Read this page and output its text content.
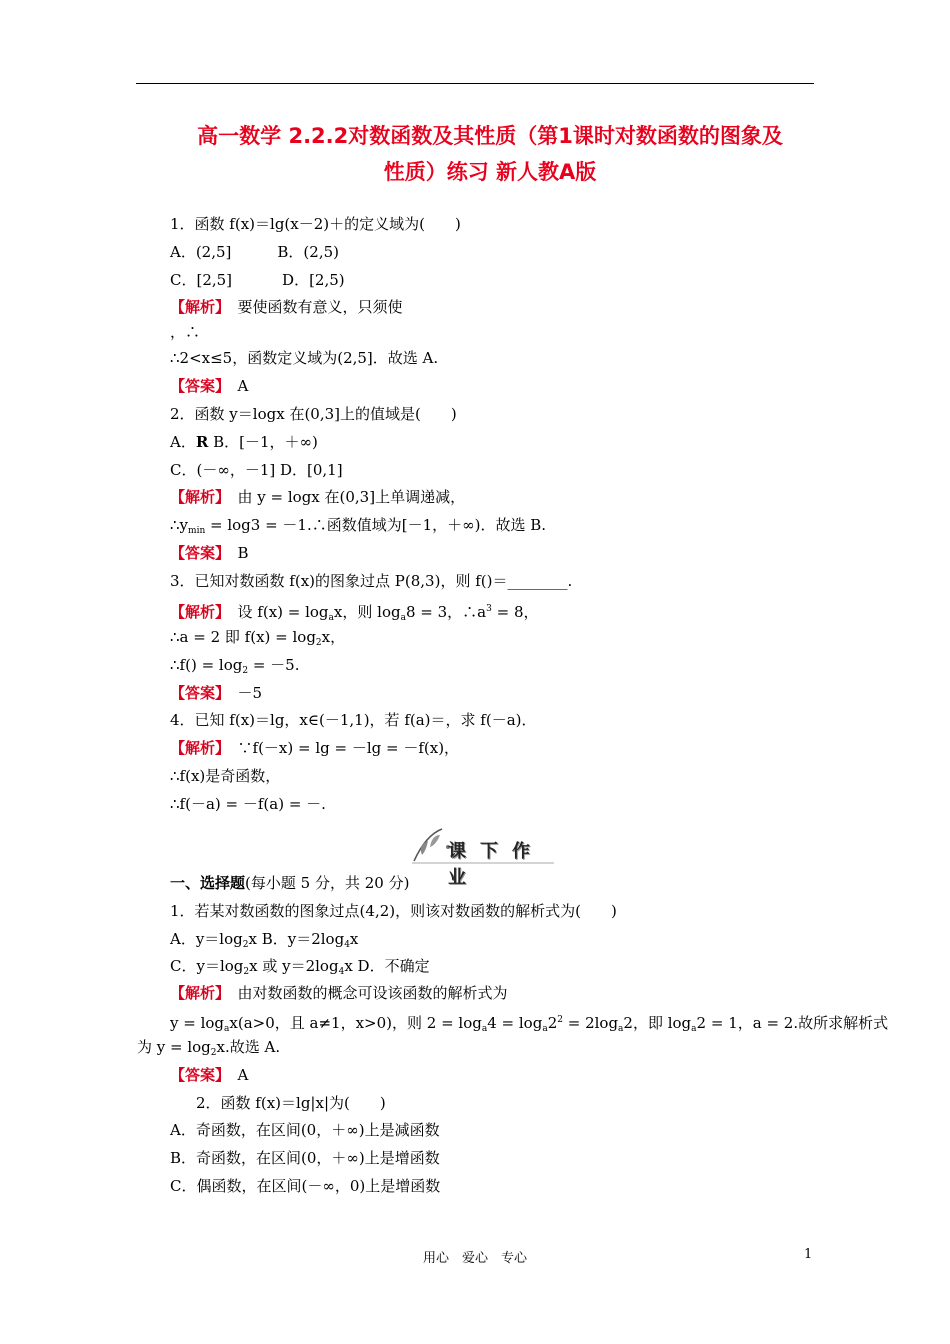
高一数学 2.2.2对数函数及其性质（第1课时对数函数的图象及
性质）练习 新人教A版
1．函数 f(x)＝lg(x－2)＋的定义域为(　　)
A．(2,5]	B．(2,5)
C．[2,5]	D．[2,5)
【解析】　要使函数有意义，只须使
，∴
∴2<x≤5，函数定义域为(2,5]．故选 A.
【答案】　A
2．函数 y＝logx 在(0,3]上的值域是(　　)
A．R B．[－1，＋∞)
C．(－∞，－1] D．[0,1]
【解析】　由 y = logx 在(0,3]上单调递减，
$\therefore y_{min} = \log 3$ = －1.∴函数值域为[－1，＋∞)．故选 B.
【答案】　B
3．已知对数函数 f(x)的图象过点 P(8,3)，则 f()＝________.
【解析】　设 $f(x) = \log_ax$，则 $\log_a8 = 3$，$\therefore a^3 = 8$，
∴a = 2 即 $f(x) = \log_2x$，
∴f() = $\log_2 = -5$.
【答案】　－5
4．已知 f(x)＝lg，x∈(－1,1)，若 f(a)＝，求 f(－a)．
【解析】　∵f(－x) = lg = －lg = －f(x)，
∴f(x)是奇函数，
∴f(－a) = －f(a) = －.
课下作业
一、选择题(每小题 5 分，共 20 分)
1．若某对数函数的图象过点(4,2)，则该对数函数的解析式为(　　)
A．$y=\log_2x$ B．$y=2\log_4x$
C．$y=\log_2x$ 或 $y=2\log_4x$ D．不确定
【解析】　由对数函数的概念可设该函数的解析式为
$y = \log_ax(a>0$，且 a≠1，x>0)，则 $2 = \log_a4 = \log_a2^2 = 2\log_a2$，即 $\log_a2 = 1$，a = 2.故所求解析式
为 $y = \log_2x$.故选 A.
【答案】　A
2．函数 f(x)＝lg|x|为(　　)
A．奇函数，在区间(0，＋∞)上是减函数
B．奇函数，在区间(0，＋∞)上是增函数
C．偶函数，在区间(－∞，0)上是增函数
用心　爱心　专心	1
